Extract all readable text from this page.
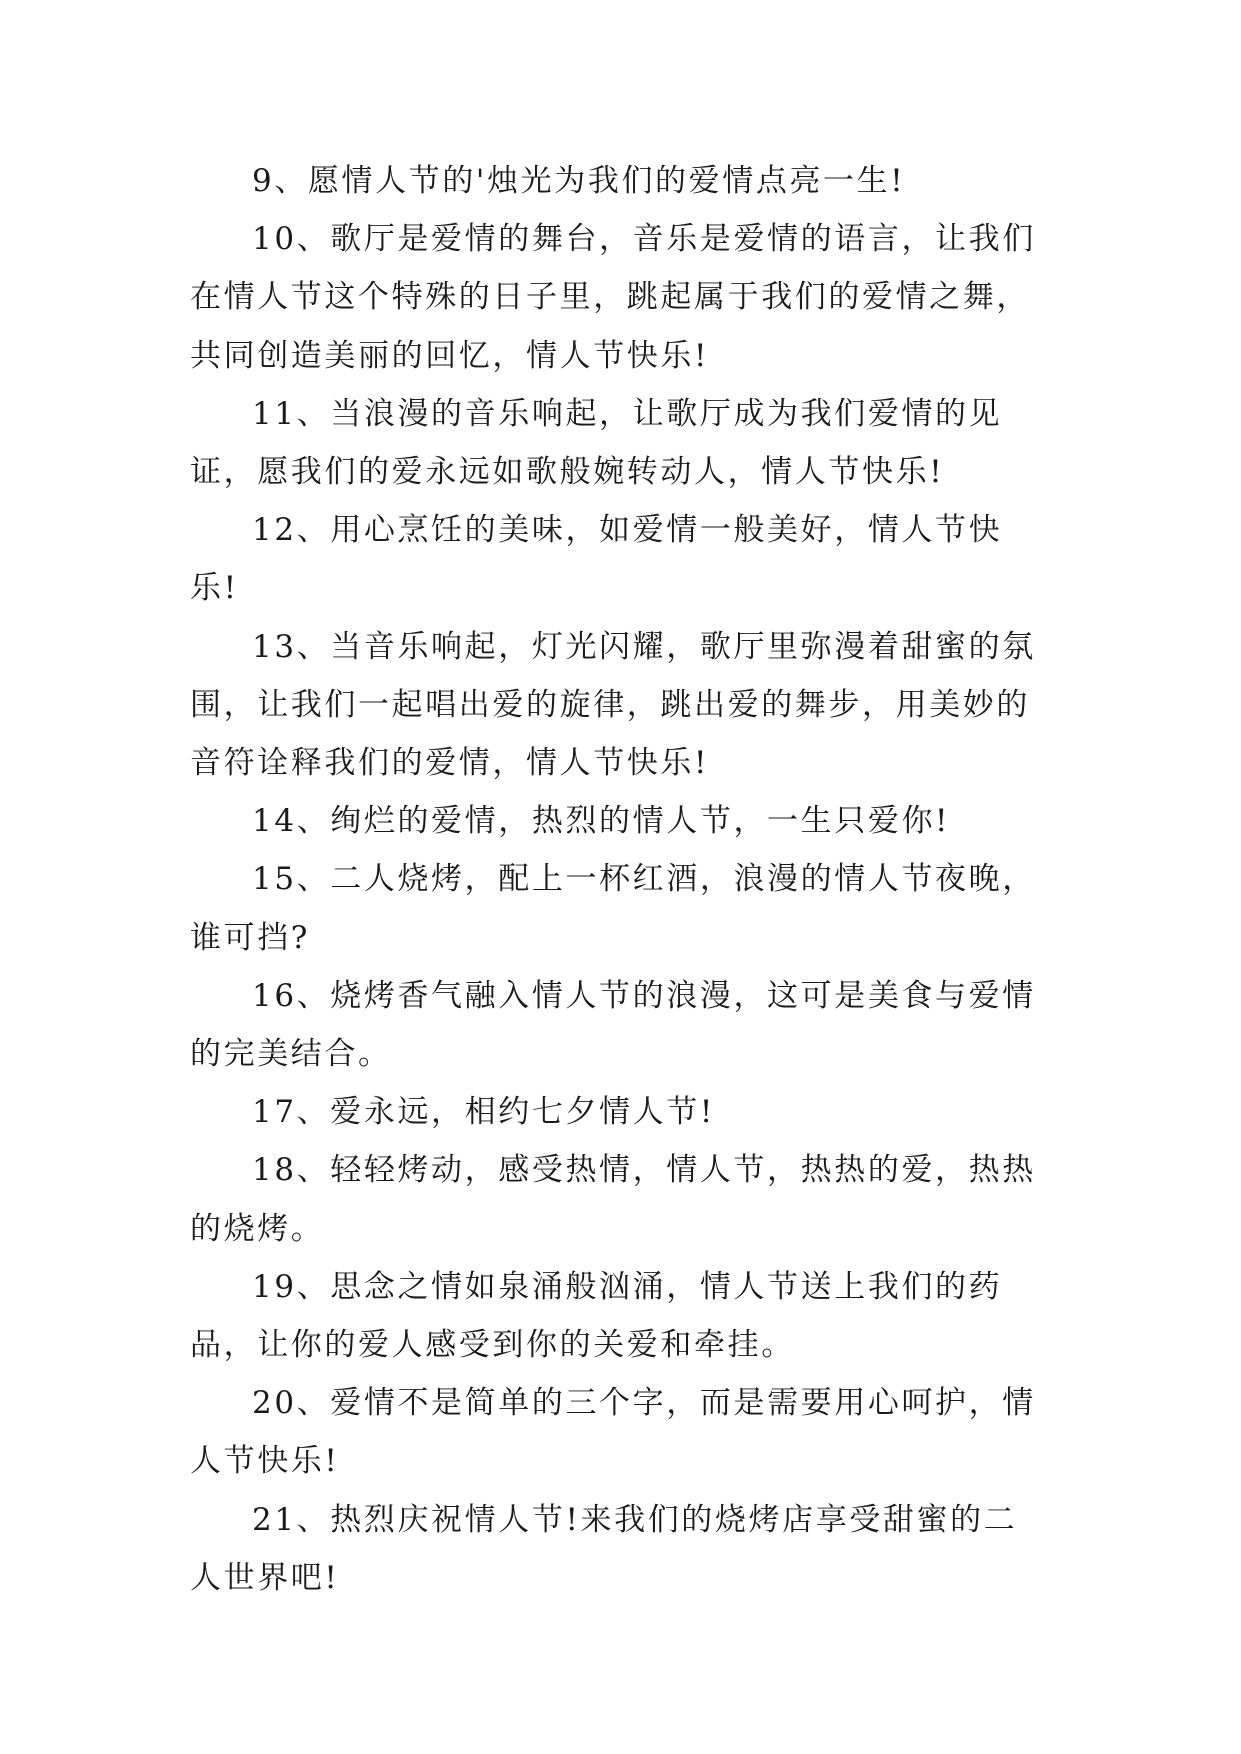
9、愿情人节的'烛光为我们的爱情点亮一生!

10、歌厅是爱情的舞台，音乐是爱情的语言，让我们在情人节这个特殊的日子里，跳起属于我们的爱情之舞，共同创造美丽的回忆，情人节快乐!

11、当浪漫的音乐响起，让歌厅成为我们爱情的见证，愿我们的爱永远如歌般婉转动人，情人节快乐!

12、用心烹饪的美味，如爱情一般美好，情人节快乐!

13、当音乐响起，灯光闪耀，歌厅里弥漫着甜蜜的氛围，让我们一起唱出爱的旋律，跳出爱的舞步，用美妙的音符诠释我们的爱情，情人节快乐!

14、绚烂的爱情，热烈的情人节，一生只爱你!

15、二人烧烤，配上一杯红酒，浪漫的情人节夜晚，谁可挡?

16、烧烤香气融入情人节的浪漫，这可是美食与爱情的完美结合。

17、爱永远，相约七夕情人节!

18、轻轻烤动，感受热情，情人节，热热的爱，热热的烧烤。

19、思念之情如泉涌般汹涌，情人节送上我们的药品，让你的爱人感受到你的关爱和牵挂。

20、爱情不是简单的三个字，而是需要用心呵护，情人节快乐!

21、热烈庆祝情人节!来我们的烧烤店享受甜蜜的二人世界吧!
